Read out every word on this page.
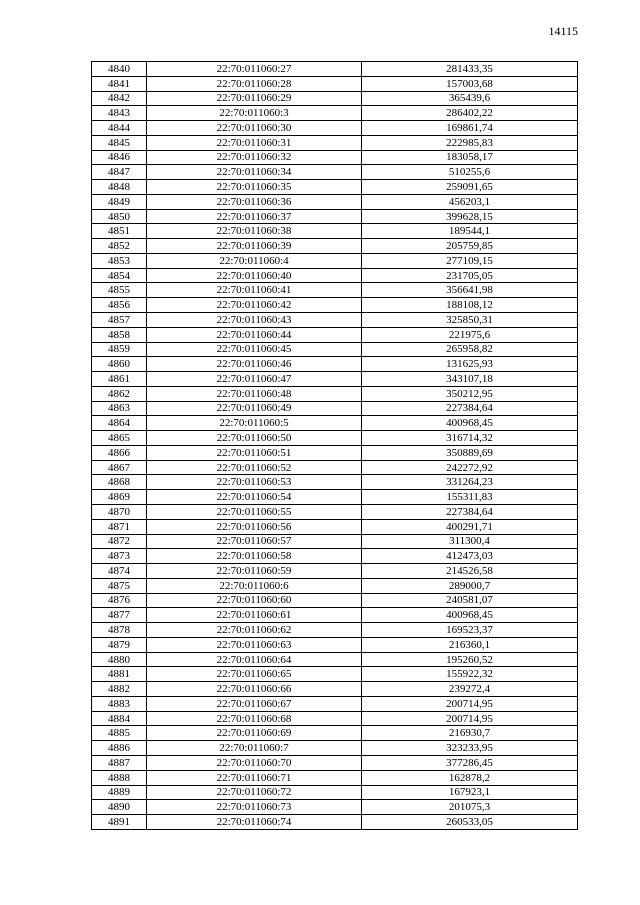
14115
4840	22:70:011060:27	281433,35
4841	22:70:011060:28	157003,68
4842	22:70:011060:29	365439,6
4843	22:70:011060:3	286402,22
4844	22:70:011060:30	169861,74
4845	22:70:011060:31	222985,83
4846	22:70:011060:32	183058,17
4847	22:70:011060:34	510255,6
4848	22:70:011060:35	259091,65
4849	22:70:011060:36	456203,1
4850	22:70:011060:37	399628,15
4851	22:70:011060:38	189544,1
4852	22:70:011060:39	205759,85
4853	22:70:011060:4	277109,15
4854	22:70:011060:40	231705,05
4855	22:70:011060:41	356641,98
4856	22:70:011060:42	188108,12
4857	22:70:011060:43	325850,31
4858	22:70:011060:44	221975,6
4859	22:70:011060:45	265958,82
4860	22:70:011060:46	131625,93
4861	22:70:011060:47	343107,18
4862	22:70:011060:48	350212,95
4863	22:70:011060:49	227384,64
4864	22:70:011060:5	400968,45
4865	22:70:011060:50	316714,32
4866	22:70:011060:51	350889,69
4867	22:70:011060:52	242272,92
4868	22:70:011060:53	331264,23
4869	22:70:011060:54	155311,83
4870	22:70:011060:55	227384,64
4871	22:70:011060:56	400291,71
4872	22:70:011060:57	311300,4
4873	22:70:011060:58	412473,03
4874	22:70:011060:59	214526,58
4875	22:70:011060:6	289000,7
4876	22:70:011060:60	240581,07
4877	22:70:011060:61	400968,45
4878	22:70:011060:62	169523,37
4879	22:70:011060:63	216360,1
4880	22:70:011060:64	195260,52
4881	22:70:011060:65	155922,32
4882	22:70:011060:66	239272,4
4883	22:70:011060:67	200714,95
4884	22:70:011060:68	200714,95
4885	22:70:011060:69	216930,7
4886	22:70:011060:7	323233,95
4887	22:70:011060:70	377286,45
4888	22:70:011060:71	162878,2
4889	22:70:011060:72	167923,1
4890	22:70:011060:73	201075,3
4891	22:70:011060:74	260533,05
